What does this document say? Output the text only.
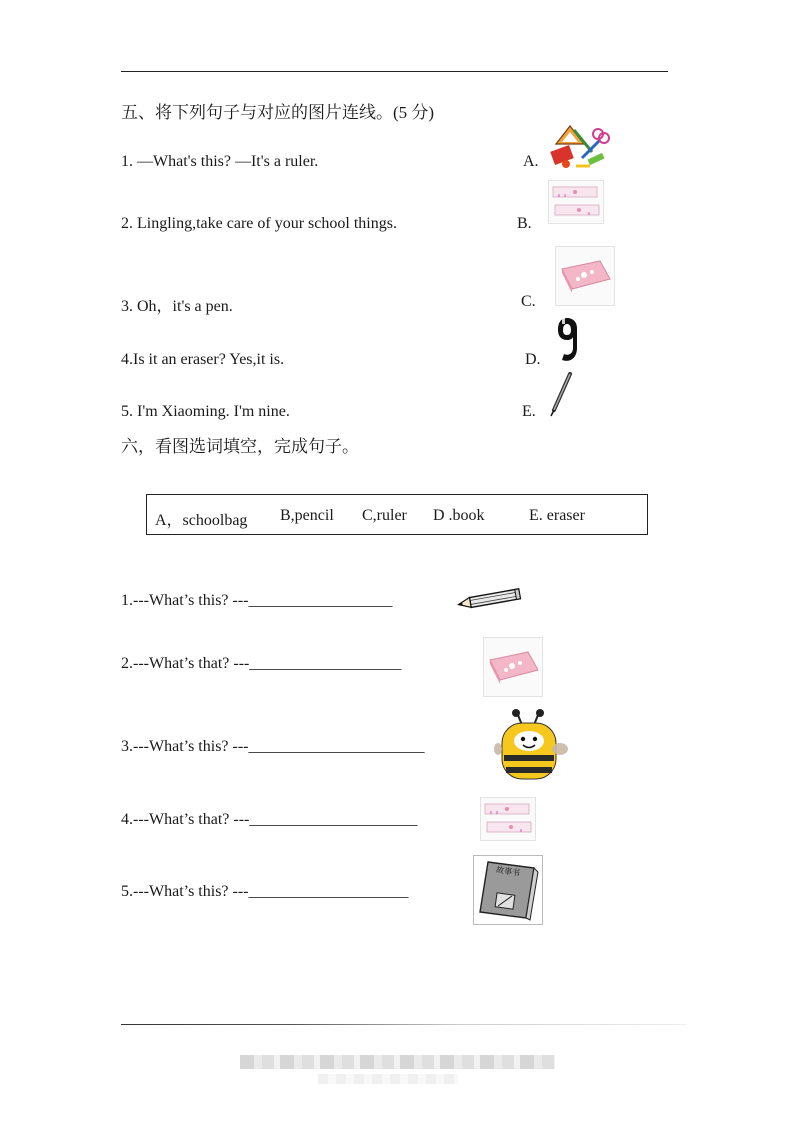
五、将下列句子与对应的图片连线。(5 分)
1. —What's this? —It's a ruler.
2. Lingling,take care of your school things.
3. Oh，it's a pen.
4.Is it an eraser? Yes,it is.
5. I'm Xiaoming. I'm nine.
A.
B.
C.
D.
E.
六，看图选词填空，完成句子。
A，schoolbag B,pencil C,ruler D .book	E. eraser
1.---What’s this? ---__________________
2.---What’s that? ---___________________
3.---What’s this? ---______________________
4.---What’s that? ---_____________________
5.---What’s this? ---____________________
故事书
